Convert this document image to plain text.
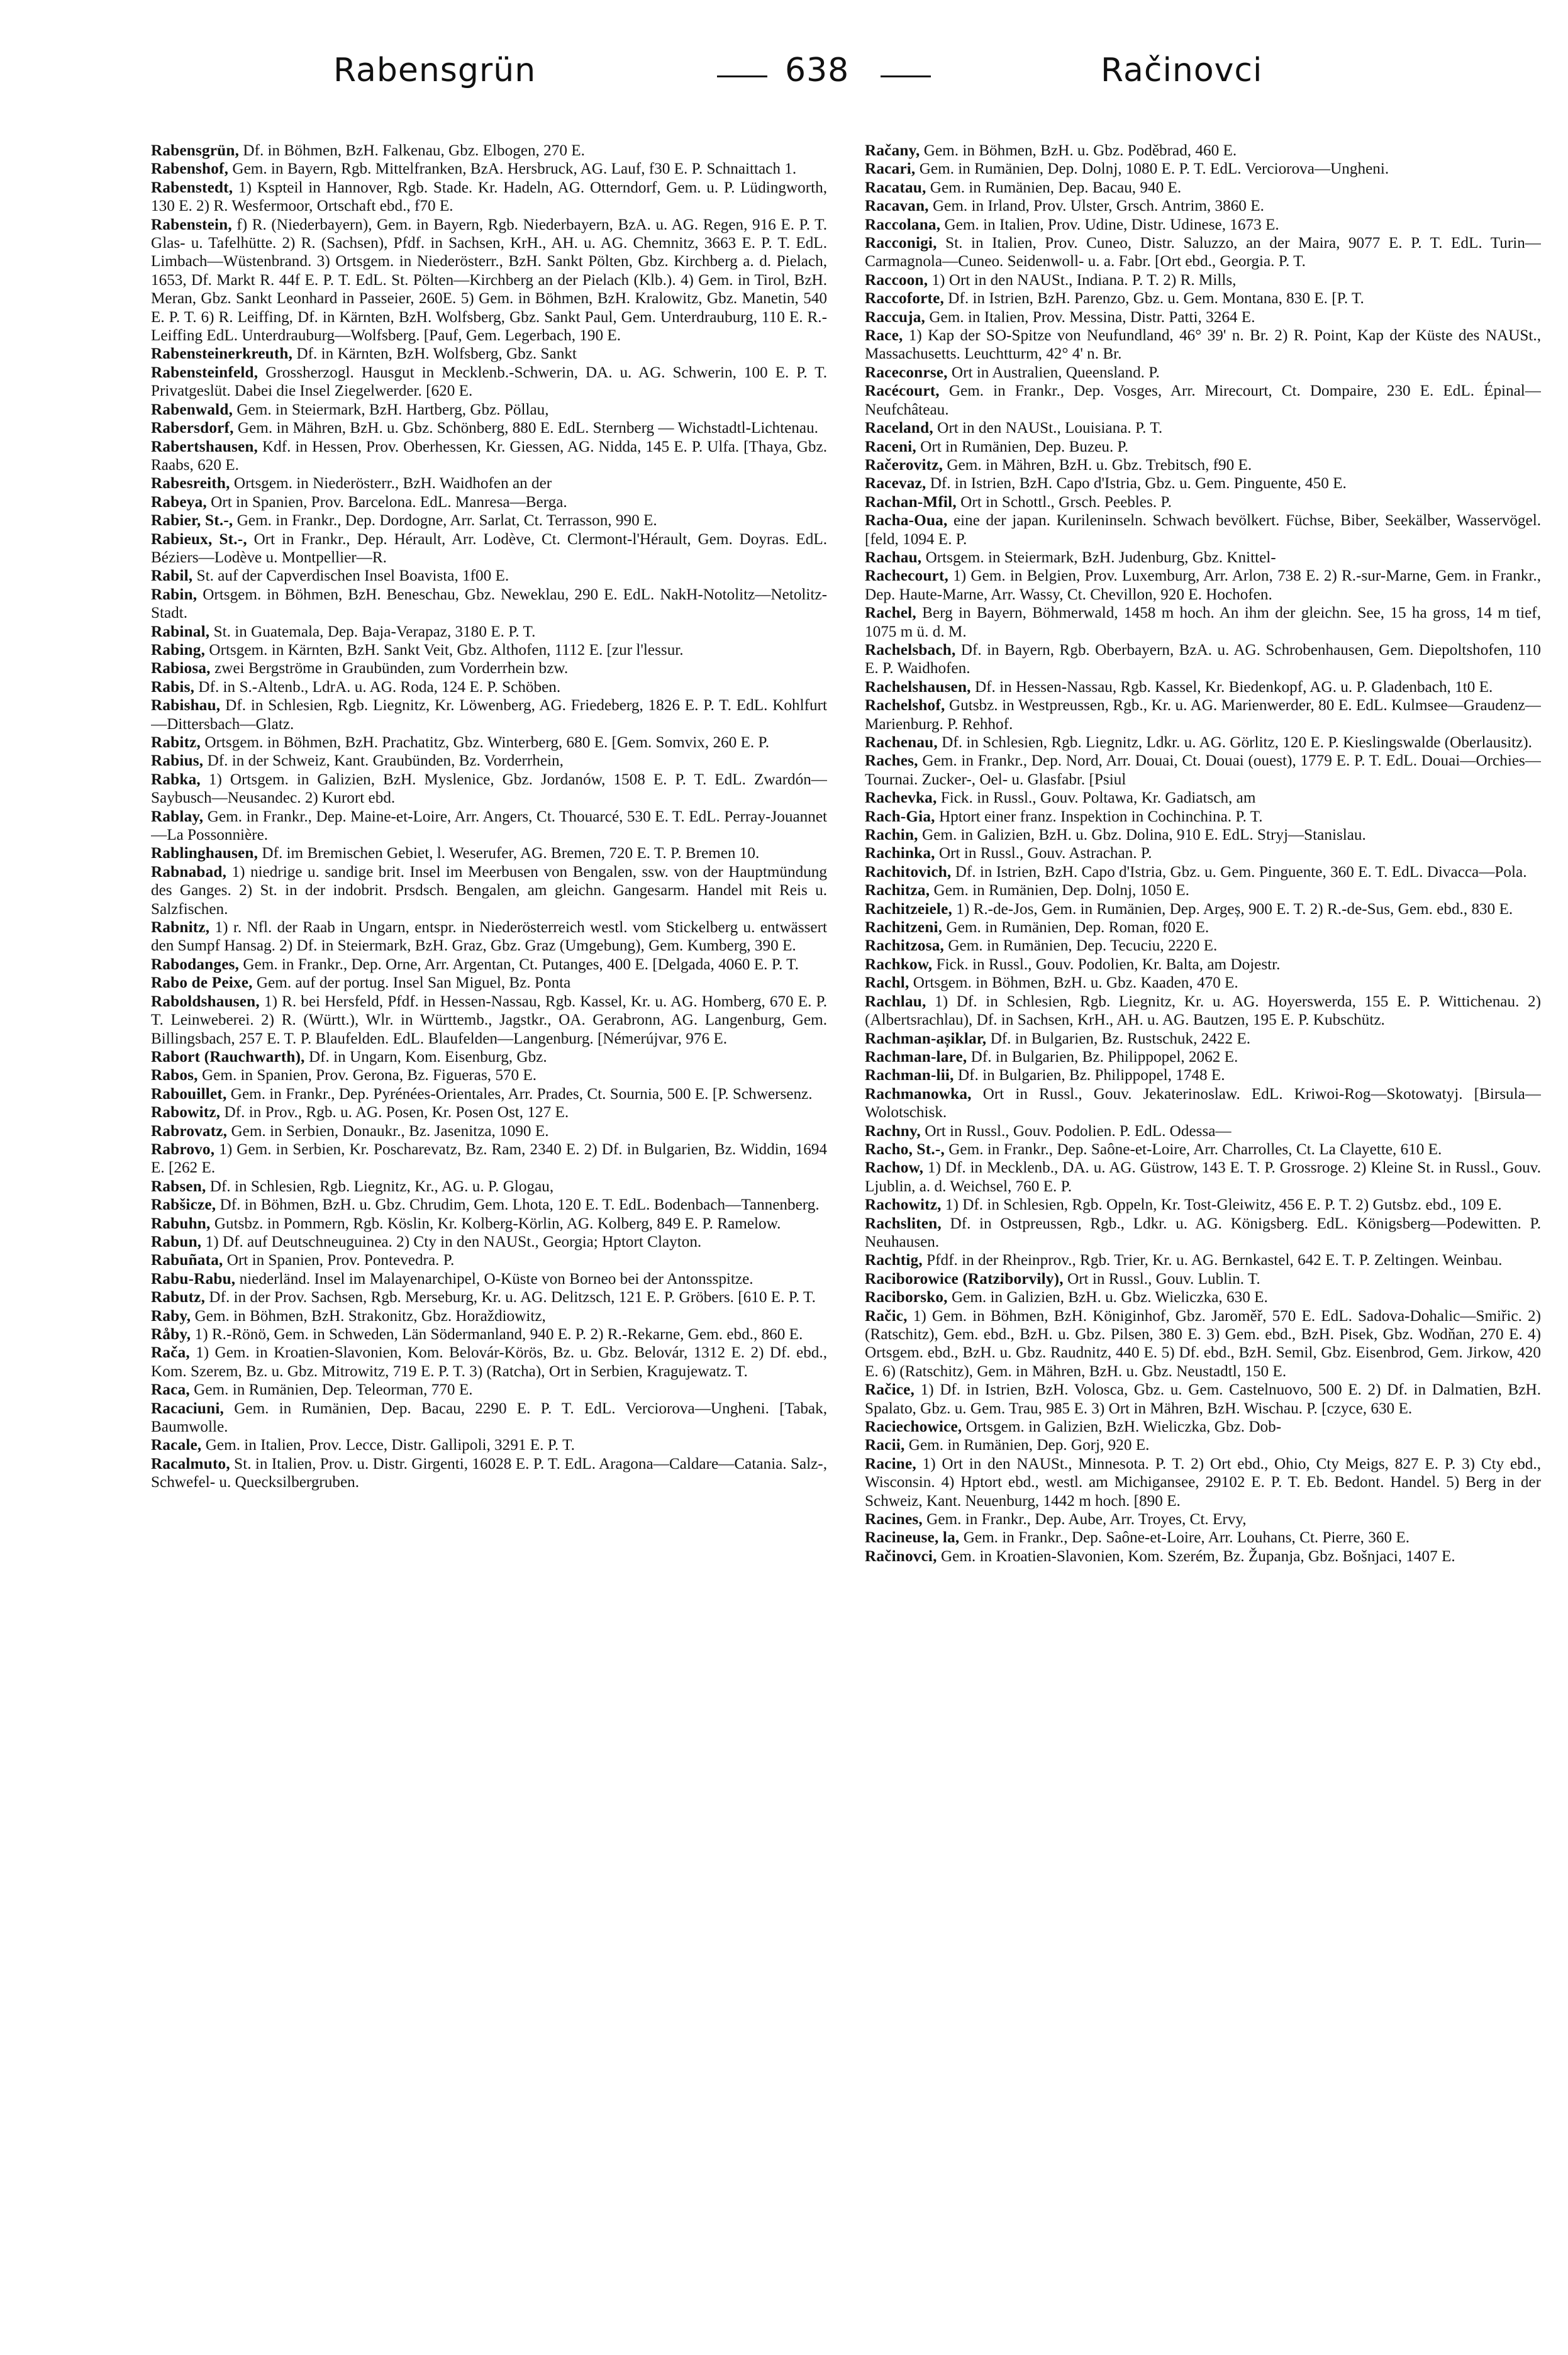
Rabensgrün	638	Račinovci

Rabensgrün, Df. in Böhmen, BzH. Falkenau, Gbz. Elbogen, 270 E.

Rabenshof, Gem. in Bayern, Rgb. Mittelfranken, BzA. Hersbruck, AG. Lauf, f30 E. P. Schnaittach 1.

Rabenstedt, 1) Kspteil in Hannover, Rgb. Stade. Kr. Hadeln, AG. Otterndorf, Gem. u. P. Lüdingworth, 130 E. 2) R. Wesfermoor, Ortschaft ebd., f70 E.

Rabenstein, f) R. (Niederbayern), Gem. in Bayern, Rgb. Niederbayern, BzA. u. AG. Regen, 916 E. P. T. Glas- u. Tafelhütte. 2) R. (Sachsen), Pfdf. in Sachsen, KrH., AH. u. AG. Chemnitz, 3663 E. P. T. EdL. Limbach—Wüstenbrand. 3) Ortsgem. in Niederösterr., BzH. Sankt Pölten, Gbz. Kirchberg a. d. Pielach, 1653, Df. Markt R. 44f E. P. T. EdL. St. Pölten—Kirchberg an der Pielach (Klb.). 4) Gem. in Tirol, BzH. Meran, Gbz. Sankt Leonhard in Passeier, 260E. 5) Gem. in Böhmen, BzH. Kralowitz, Gbz. Manetin, 540 E. P. T. 6) R. Leiffing, Df. in Kärnten, BzH. Wolfsberg, Gbz. Sankt Paul, Gem. Unterdrauburg, 110 E. R.-Leiffing EdL. Unterdrauburg—Wolfsberg. [Pauf, Gem. Legerbach, 190 E.

Rabensteinerkreuth, Df. in Kärnten, BzH. Wolfsberg, Gbz. Sankt

Rabensteinfeld, Grossherzogl. Hausgut in Mecklenb.-Schwerin, DA. u. AG. Schwerin, 100 E. P. T. Privatgeslüt. Dabei die Insel Ziegelwerder. [620 E.

Rabenwald, Gem. in Steiermark, BzH. Hartberg, Gbz. Pöllau,

Rabersdorf, Gem. in Mähren, BzH. u. Gbz. Schönberg, 880 E. EdL. Sternberg — Wichstadtl-Lichtenau.

Rabertshausen, Kdf. in Hessen, Prov. Oberhessen, Kr. Giessen, AG. Nidda, 145 E. P. Ulfa. [Thaya, Gbz. Raabs, 620 E.

Rabesreith, Ortsgem. in Niederösterr., BzH. Waidhofen an der

Rabeya, Ort in Spanien, Prov. Barcelona. EdL. Manresa—Berga.

Rabier, St.-, Gem. in Frankr., Dep. Dordogne, Arr. Sarlat, Ct. Terrasson, 990 E.

Rabieux, St.-, Ort in Frankr., Dep. Hérault, Arr. Lodève, Ct. Clermont-l'Hérault, Gem. Doyras. EdL. Béziers—Lodève u. Montpellier—R.

Rabil, St. auf der Capverdischen Insel Boavista, 1f00 E.

Rabin, Ortsgem. in Böhmen, BzH. Beneschau, Gbz. Neweklau, 290 E. EdL. NakH-Notolitz—Netolitz-Stadt.

Rabinal, St. in Guatemala, Dep. Baja-Verapaz, 3180 E. P. T.

Rabing, Ortsgem. in Kärnten, BzH. Sankt Veit, Gbz. Althofen, 1112 E. [zur l'lessur.

Rabiosa, zwei Bergströme in Graubünden, zum Vorderrhein bzw.

Rabis, Df. in S.-Altenb., LdrA. u. AG. Roda, 124 E. P. Schöben.

Rabishau, Df. in Schlesien, Rgb. Liegnitz, Kr. Löwenberg, AG. Friedeberg, 1826 E. P. T. EdL. Kohlfurt—Dittersbach—Glatz.

Rabitz, Ortsgem. in Böhmen, BzH. Prachatitz, Gbz. Winterberg, 680 E. [Gem. Somvix, 260 E. P.

Rabius, Df. in der Schweiz, Kant. Graubünden, Bz. Vorderrhein,

Rabka, 1) Ortsgem. in Galizien, BzH. Myslenice, Gbz. Jordanów, 1508 E. P. T. EdL. Zwardón—Saybusch—Neusandec. 2) Kurort ebd.

Rablay, Gem. in Frankr., Dep. Maine-et-Loire, Arr. Angers, Ct. Thouarcé, 530 E. T. EdL. Perray-Jouannet—La Possonnière.

Rablinghausen, Df. im Bremischen Gebiet, l. Weserufer, AG. Bremen, 720 E. T. P. Bremen 10.

Rabnabad, 1) niedrige u. sandige brit. Insel im Meerbusen von Bengalen, ssw. von der Hauptmündung des Ganges. 2) St. in der indobrit. Prsdsch. Bengalen, am gleichn. Gangesarm. Handel mit Reis u. Salzfischen.

Rabnitz, 1) r. Nfl. der Raab in Ungarn, entspr. in Niederösterreich westl. vom Stickelberg u. entwässert den Sumpf Hansag. 2) Df. in Steiermark, BzH. Graz, Gbz. Graz (Umgebung), Gem. Kumberg, 390 E.

Rabodanges, Gem. in Frankr., Dep. Orne, Arr. Argentan, Ct. Putanges, 400 E. [Delgada, 4060 E. P. T.

Rabo de Peixe, Gem. auf der portug. Insel San Miguel, Bz. Ponta

Raboldshausen, 1) R. bei Hersfeld, Pfdf. in Hessen-Nassau, Rgb. Kassel, Kr. u. AG. Homberg, 670 E. P. T. Leinweberei. 2) R. (Württ.), Wlr. in Württemb., Jagstkr., OA. Gerabronn, AG. Langenburg, Gem. Billingsbach, 257 E. T. P. Blaufelden. EdL. Blaufelden—Langenburg. [Némerújvar, 976 E.

Rabort (Rauchwarth), Df. in Ungarn, Kom. Eisenburg, Gbz.

Rabos, Gem. in Spanien, Prov. Gerona, Bz. Figueras, 570 E.

Rabouillet, Gem. in Frankr., Dep. Pyrénées-Orientales, Arr. Prades, Ct. Sournia, 500 E. [P. Schwersenz.

Rabowitz, Df. in Prov., Rgb. u. AG. Posen, Kr. Posen Ost, 127 E.

Rabrovatz, Gem. in Serbien, Donaukr., Bz. Jasenitza, 1090 E.

Rabrovo, 1) Gem. in Serbien, Kr. Poscharevatz, Bz. Ram, 2340 E. 2) Df. in Bulgarien, Bz. Widdin, 1694 E. [262 E.

Rabsen, Df. in Schlesien, Rgb. Liegnitz, Kr., AG. u. P. Glogau,

Rabšicze, Df. in Böhmen, BzH. u. Gbz. Chrudim, Gem. Lhota, 120 E. T. EdL. Bodenbach—Tannenberg.

Rabuhn, Gutsbz. in Pommern, Rgb. Köslin, Kr. Kolberg-Körlin, AG. Kolberg, 849 E. P. Ramelow.

Rabun, 1) Df. auf Deutschneuguinea. 2) Cty in den NAUSt., Georgia; Hptort Clayton.

Rabuñata, Ort in Spanien, Prov. Pontevedra. P.

Rabu-Rabu, niederländ. Insel im Malayenarchipel, O-Küste von Borneo bei der Antonsspitze.

Rabutz, Df. in der Prov. Sachsen, Rgb. Merseburg, Kr. u. AG. Delitzsch, 121 E. P. Gröbers. [610 E. P. T.

Raby, Gem. in Böhmen, BzH. Strakonitz, Gbz. Horaždiowitz,

Råby, 1) R.-Rönö, Gem. in Schweden, Län Södermanland, 940 E. P. 2) R.-Rekarne, Gem. ebd., 860 E.

Rača, 1) Gem. in Kroatien-Slavonien, Kom. Belovár-Körös, Bz. u. Gbz. Belovár, 1312 E. 2) Df. ebd., Kom. Szerem, Bz. u. Gbz. Mitrowitz, 719 E. P. T. 3) (Ratcha), Ort in Serbien, Kragujewatz. T.

Raca, Gem. in Rumänien, Dep. Teleorman, 770 E.

Racaciuni, Gem. in Rumänien, Dep. Bacau, 2290 E. P. T. EdL. Verciorova—Ungheni. [Tabak, Baumwolle.

Racale, Gem. in Italien, Prov. Lecce, Distr. Gallipoli, 3291 E. P. T.

Racalmuto, St. in Italien, Prov. u. Distr. Girgenti, 16028 E. P. T. EdL. Aragona—Caldare—Catania. Salz-, Schwefel- u. Quecksilbergruben.

Račany, Gem. in Böhmen, BzH. u. Gbz. Poděbrad, 460 E.

Racari, Gem. in Rumänien, Dep. Dolnj, 1080 E. P. T. EdL. Verciorova—Ungheni.

Racatau, Gem. in Rumänien, Dep. Bacau, 940 E.

Racavan, Gem. in Irland, Prov. Ulster, Grsch. Antrim, 3860 E.

Raccolana, Gem. in Italien, Prov. Udine, Distr. Udinese, 1673 E.

Racconigi, St. in Italien, Prov. Cuneo, Distr. Saluzzo, an der Maira, 9077 E. P. T. EdL. Turin—Carmagnola—Cuneo. Seidenwoll- u. a. Fabr. [Ort ebd., Georgia. P. T.

Raccoon, 1) Ort in den NAUSt., Indiana. P. T. 2) R. Mills,

Raccoforte, Df. in Istrien, BzH. Parenzo, Gbz. u. Gem. Montana, 830 E. [P. T.

Raccuja, Gem. in Italien, Prov. Messina, Distr. Patti, 3264 E.

Race, 1) Kap der SO-Spitze von Neufundland, 46° 39' n. Br. 2) R. Point, Kap der Küste des NAUSt., Massachusetts. Leuchtturm, 42° 4' n. Br.

Raceconrse, Ort in Australien, Queensland. P.

Racécourt, Gem. in Frankr., Dep. Vosges, Arr. Mirecourt, Ct. Dompaire, 230 E. EdL. Épinal—Neufchâteau.

Raceland, Ort in den NAUSt., Louisiana. P. T.

Raceni, Ort in Rumänien, Dep. Buzeu. P.

Račerovitz, Gem. in Mähren, BzH. u. Gbz. Trebitsch, f90 E.

Racevaz, Df. in Istrien, BzH. Capo d'Istria, Gbz. u. Gem. Pinguente, 450 E.

Rachan-Mfil, Ort in Schottl., Grsch. Peebles. P.

Racha-Oua, eine der japan. Kurileninseln. Schwach bevölkert. Füchse, Biber, Seekälber, Wasservögel. [feld, 1094 E. P.

Rachau, Ortsgem. in Steiermark, BzH. Judenburg, Gbz. Knittel-

Rachecourt, 1) Gem. in Belgien, Prov. Luxemburg, Arr. Arlon, 738 E. 2) R.-sur-Marne, Gem. in Frankr., Dep. Haute-Marne, Arr. Wassy, Ct. Chevillon, 920 E. Hochofen.

Rachel, Berg in Bayern, Böhmerwald, 1458 m hoch. An ihm der gleichn. See, 15 ha gross, 14 m tief, 1075 m ü. d. M.

Rachelsbach, Df. in Bayern, Rgb. Oberbayern, BzA. u. AG. Schrobenhausen, Gem. Diepoltshofen, 110 E. P. Waidhofen.

Rachelshausen, Df. in Hessen-Nassau, Rgb. Kassel, Kr. Biedenkopf, AG. u. P. Gladenbach, 1t0 E.

Rachelshof, Gutsbz. in Westpreussen, Rgb., Kr. u. AG. Marienwerder, 80 E. EdL. Kulmsee—Graudenz—Marienburg. P. Rehhof.

Rachenau, Df. in Schlesien, Rgb. Liegnitz, Ldkr. u. AG. Görlitz, 120 E. P. Kieslingswalde (Oberlausitz).

Raches, Gem. in Frankr., Dep. Nord, Arr. Douai, Ct. Douai (ouest), 1779 E. P. T. EdL. Douai—Orchies—Tournai. Zucker-, Oel- u. Glasfabr. [Psiul

Rachevka, Fick. in Russl., Gouv. Poltawa, Kr. Gadiatsch, am

Rach-Gia, Hptort einer franz. Inspektion in Cochinchina. P. T.

Rachin, Gem. in Galizien, BzH. u. Gbz. Dolina, 910 E. EdL. Stryj—Stanislau.

Rachinka, Ort in Russl., Gouv. Astrachan. P.

Rachitovich, Df. in Istrien, BzH. Capo d'Istria, Gbz. u. Gem. Pinguente, 360 E. T. EdL. Divacca—Pola.

Rachitza, Gem. in Rumänien, Dep. Dolnj, 1050 E.

Rachitzeiele, 1) R.-de-Jos, Gem. in Rumänien, Dep. Argeș, 900 E. T. 2) R.-de-Sus, Gem. ebd., 830 E.

Rachitzeni, Gem. in Rumänien, Dep. Roman, f020 E.

Rachitzosa, Gem. in Rumänien, Dep. Tecuciu, 2220 E.

Rachkow, Fick. in Russl., Gouv. Podolien, Kr. Balta, am Dojestr.

Rachl, Ortsgem. in Böhmen, BzH. u. Gbz. Kaaden, 470 E.

Rachlau, 1) Df. in Schlesien, Rgb. Liegnitz, Kr. u. AG. Hoyerswerda, 155 E. P. Wittichenau. 2) (Albertsrachlau), Df. in Sachsen, KrH., AH. u. AG. Bautzen, 195 E. P. Kubschütz.

Rachman-așiklar, Df. in Bulgarien, Bz. Rustschuk, 2422 E.

Rachman-lare, Df. in Bulgarien, Bz. Philippopel, 2062 E.

Rachman-lii, Df. in Bulgarien, Bz. Philippopel, 1748 E.

Rachmanowka, Ort in Russl., Gouv. Jekaterinoslaw. EdL. Kriwoi-Rog—Skotowatyj. [Birsula—Wolotschisk.

Rachny, Ort in Russl., Gouv. Podolien. P. EdL. Odessa—

Racho, St.-, Gem. in Frankr., Dep. Saône-et-Loire, Arr. Charrolles, Ct. La Clayette, 610 E.

Rachow, 1) Df. in Mecklenb., DA. u. AG. Güstrow, 143 E. T. P. Grossroge. 2) Kleine St. in Russl., Gouv. Ljublin, a. d. Weichsel, 760 E. P.

Rachowitz, 1) Df. in Schlesien, Rgb. Oppeln, Kr. Tost-Gleiwitz, 456 E. P. T. 2) Gutsbz. ebd., 109 E.

Rachsliten, Df. in Ostpreussen, Rgb., Ldkr. u. AG. Königsberg. EdL. Königsberg—Podewitten. P. Neuhausen.

Rachtig, Pfdf. in der Rheinprov., Rgb. Trier, Kr. u. AG. Bernkastel, 642 E. T. P. Zeltingen. Weinbau.

Raciborowice (Ratziborvily), Ort in Russl., Gouv. Lublin. T.

Raciborsko, Gem. in Galizien, BzH. u. Gbz. Wieliczka, 630 E.

Račic, 1) Gem. in Böhmen, BzH. Königinhof, Gbz. Jaroměř, 570 E. EdL. Sadova-Dohalic—Smiřic. 2) (Ratschitz), Gem. ebd., BzH. u. Gbz. Pilsen, 380 E. 3) Gem. ebd., BzH. Pisek, Gbz. Wodňan, 270 E. 4) Ortsgem. ebd., BzH. u. Gbz. Raudnitz, 440 E. 5) Df. ebd., BzH. Semil, Gbz. Eisenbrod, Gem. Jirkow, 420 E. 6) (Ratschitz), Gem. in Mähren, BzH. u. Gbz. Neustadtl, 150 E.

Račice, 1) Df. in Istrien, BzH. Volosca, Gbz. u. Gem. Castelnuovo, 500 E. 2) Df. in Dalmatien, BzH. Spalato, Gbz. u. Gem. Trau, 985 E. 3) Ort in Mähren, BzH. Wischau. P. [czyce, 630 E.

Raciechowice, Ortsgem. in Galizien, BzH. Wieliczka, Gbz. Dob-

Racii, Gem. in Rumänien, Dep. Gorj, 920 E.

Racine, 1) Ort in den NAUSt., Minnesota. P. T. 2) Ort ebd., Ohio, Cty Meigs, 827 E. P. 3) Cty ebd., Wisconsin. 4) Hptort ebd., westl. am Michigansee, 29102 E. P. T. Eb. Bedont. Handel. 5) Berg in der Schweiz, Kant. Neuenburg, 1442 m hoch. [890 E.

Racines, Gem. in Frankr., Dep. Aube, Arr. Troyes, Ct. Ervy,

Racineuse, la, Gem. in Frankr., Dep. Saône-et-Loire, Arr. Louhans, Ct. Pierre, 360 E.

Račinovci, Gem. in Kroatien-Slavonien, Kom. Szerém, Bz. Županja, Gbz. Bošnjaci, 1407 E.
